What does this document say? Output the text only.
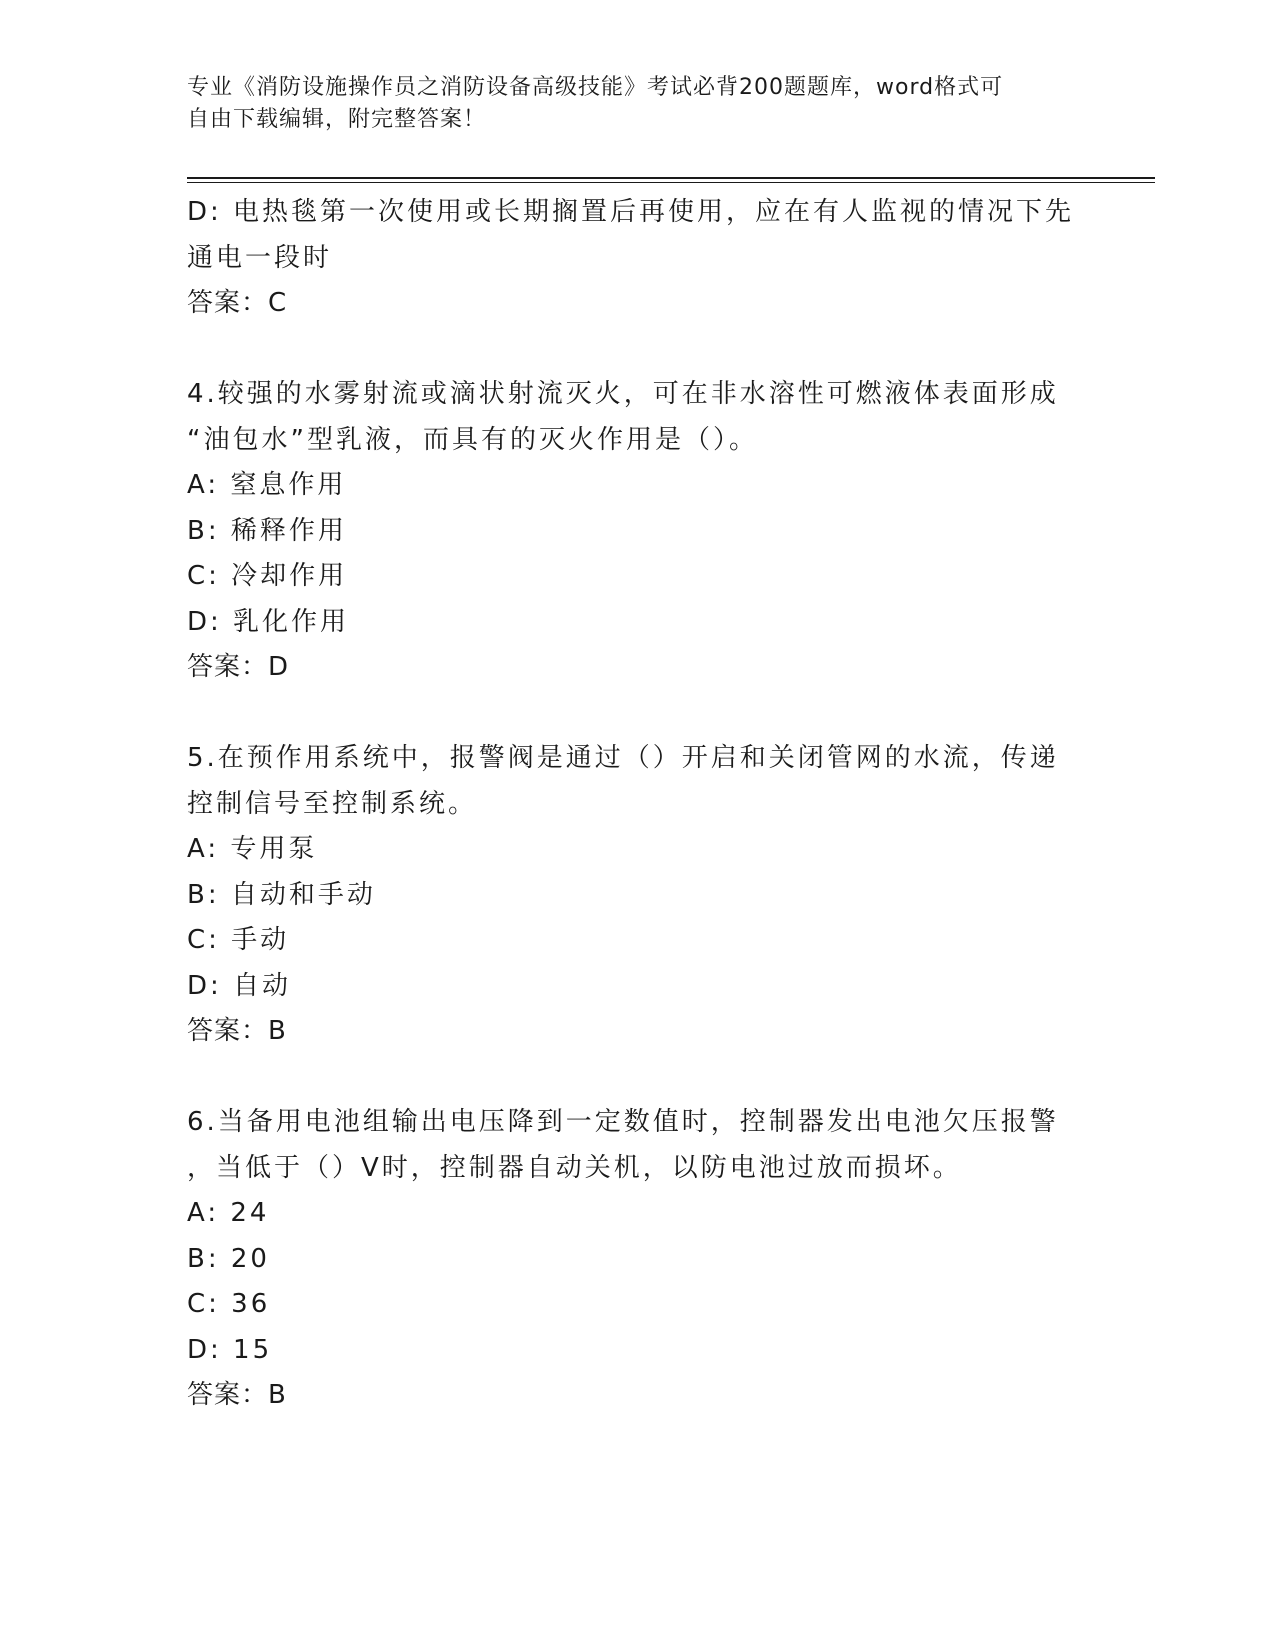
专业《消防设施操作员之消防设备高级技能》考试必背200题题库，word格式可
自由下载编辑，附完整答案！
D: 电热毯第一次使用或长期搁置后再使用，应在有人监视的情况下先
通电一段时
答案：C
4.较强的水雾射流或滴状射流灭火，可在非水溶性可燃液体表面形成
“油包水”型乳液，而具有的灭火作用是（）。
A: 窒息作用
B: 稀释作用
C: 冷却作用
D: 乳化作用
答案：D
5.在预作用系统中，报警阀是通过（）开启和关闭管网的水流，传递
控制信号至控制系统。
A: 专用泵
B: 自动和手动
C: 手动
D: 自动
答案：B
6.当备用电池组输出电压降到一定数值时，控制器发出电池欠压报警
，当低于（）V时，控制器自动关机，以防电池过放而损坏。
A: 24
B: 20
C: 36
D: 15
答案：B
